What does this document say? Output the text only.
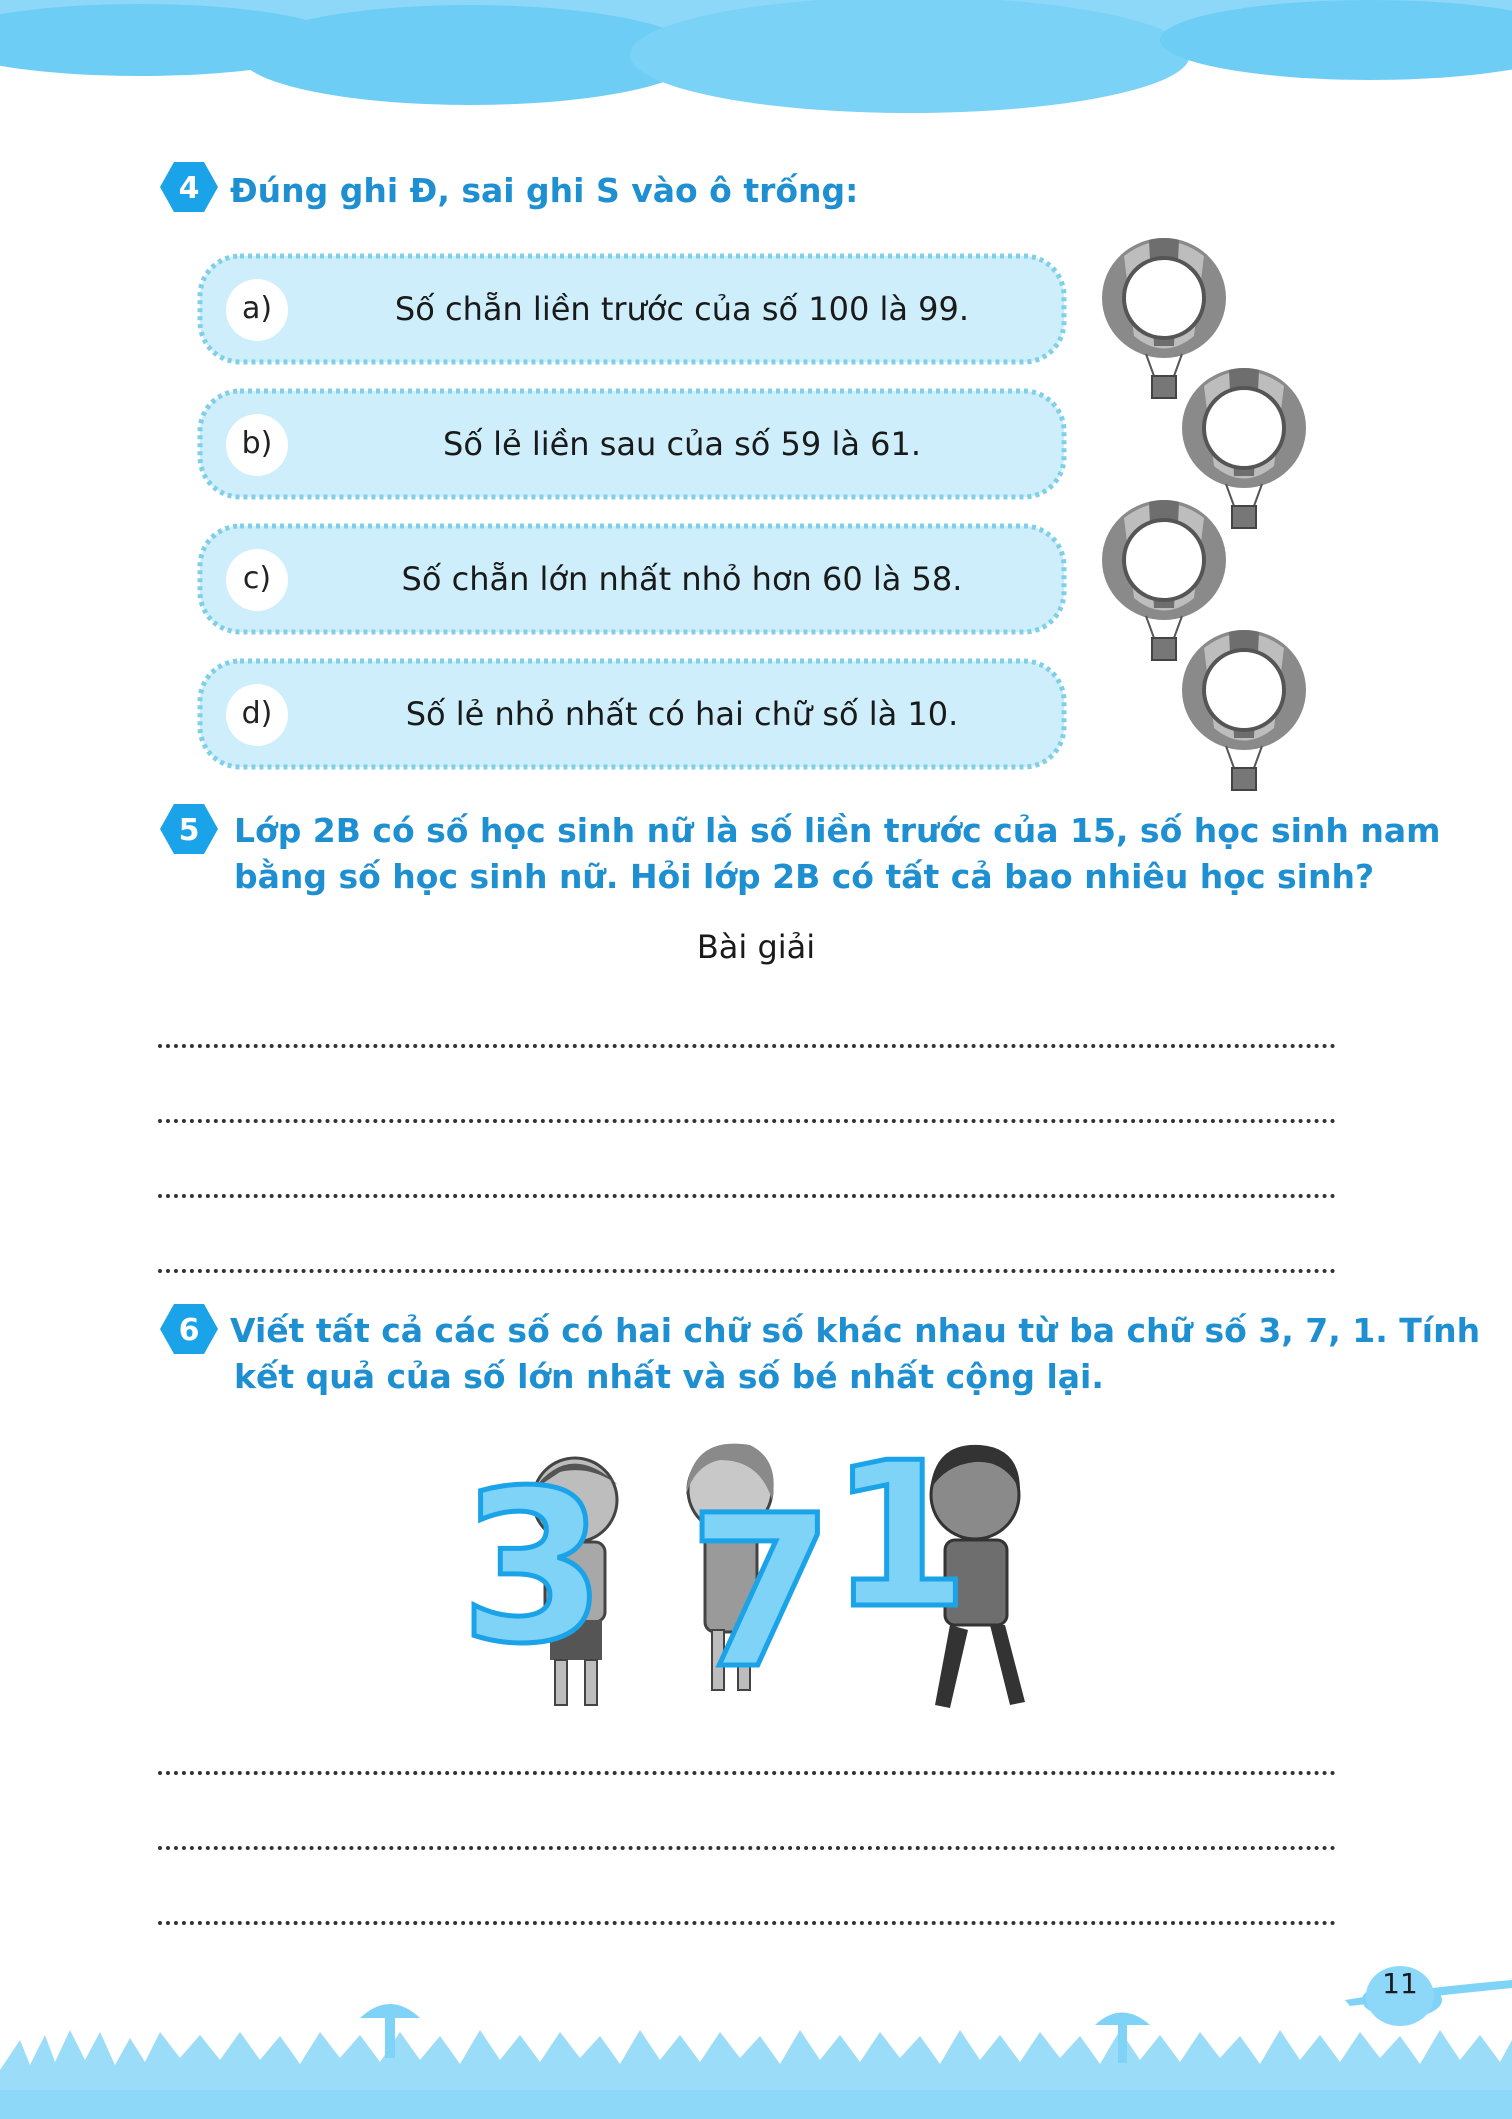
4 Đúng ghi Đ, sai ghi S vào ô trống:
a)	Số chẵn liền trước của số 100 là 99.
b)	Số lẻ liền sau của số 59 là 61.
c)	Số chẵn lớn nhất nhỏ hơn 60 là 58.
d)	Số lẻ nhỏ nhất có hai chữ số là 10.
5 Lớp 2B có số học sinh nữ là số liền trước của 15, số học sinh nam
bằng số học sinh nữ. Hỏi lớp 2B có tất cả bao nhiêu học sinh?
Bài giải
6 Viết tất cả các số có hai chữ số khác nhau từ ba chữ số 3, 7, 1. Tính
kết quả của số lớn nhất và số bé nhất cộng lại.
3 7
1
11
